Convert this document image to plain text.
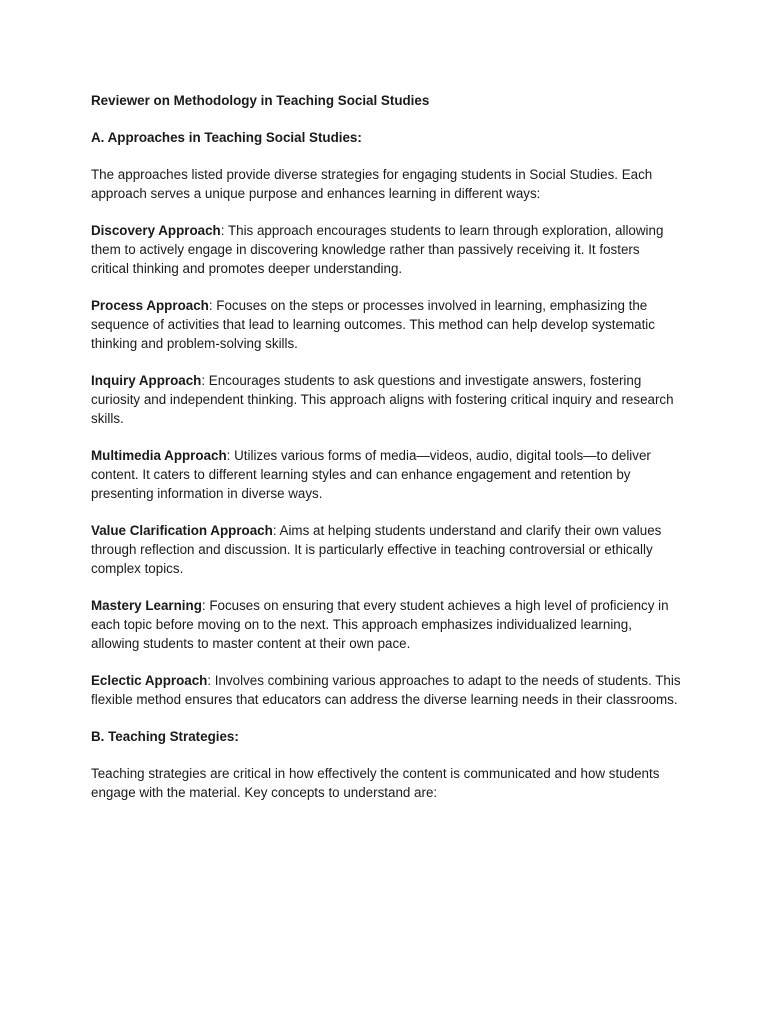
Reviewer on Methodology in Teaching Social Studies

A. Approaches in Teaching Social Studies:

The approaches listed provide diverse strategies for engaging students in Social Studies. Each approach serves a unique purpose and enhances learning in different ways:

Discovery Approach: This approach encourages students to learn through exploration, allowing them to actively engage in discovering knowledge rather than passively receiving it. It fosters critical thinking and promotes deeper understanding.

Process Approach: Focuses on the steps or processes involved in learning, emphasizing the sequence of activities that lead to learning outcomes. This method can help develop systematic thinking and problem-solving skills.

Inquiry Approach: Encourages students to ask questions and investigate answers, fostering curiosity and independent thinking. This approach aligns with fostering critical inquiry and research skills.

Multimedia Approach: Utilizes various forms of media—videos, audio, digital tools—to deliver content. It caters to different learning styles and can enhance engagement and retention by presenting information in diverse ways.

Value Clarification Approach: Aims at helping students understand and clarify their own values through reflection and discussion. It is particularly effective in teaching controversial or ethically complex topics.

Mastery Learning: Focuses on ensuring that every student achieves a high level of proficiency in each topic before moving on to the next. This approach emphasizes individualized learning, allowing students to master content at their own pace.

Eclectic Approach: Involves combining various approaches to adapt to the needs of students. This flexible method ensures that educators can address the diverse learning needs in their classrooms.

B. Teaching Strategies:

Teaching strategies are critical in how effectively the content is communicated and how students engage with the material. Key concepts to understand are:
